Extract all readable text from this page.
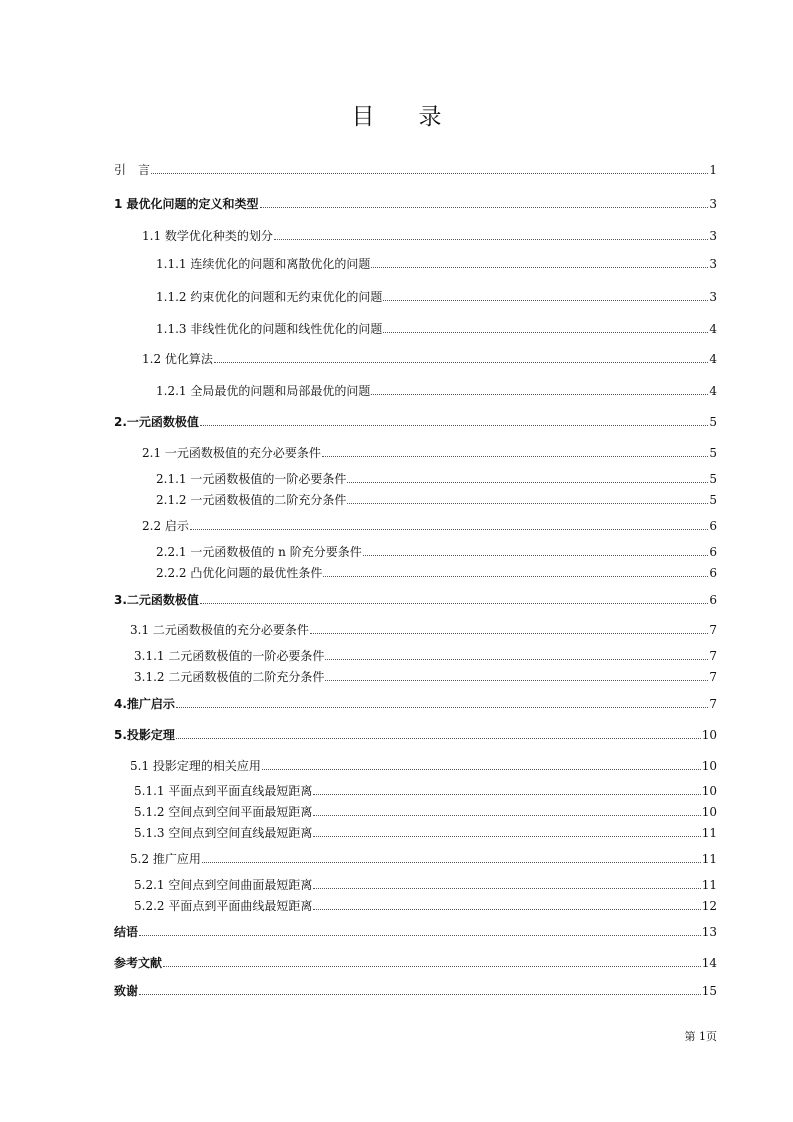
目 录
引　言	1
1 最优化问题的定义和类型	3
1.1 数学优化种类的划分	3
1.1.1 连续优化的问题和离散优化的问题	3
1.1.2 约束优化的问题和无约束优化的问题	3
1.1.3 非线性优化的问题和线性优化的问题	4
1.2 优化算法	4
1.2.1 全局最优的问题和局部最优的问题	4
2.一元函数极值	5
2.1 一元函数极值的充分必要条件	5
2.1.1 一元函数极值的一阶必要条件	5
2.1.2 一元函数极值的二阶充分条件	5
2.2 启示	6
2.2.1 一元函数极值的 n 阶充分要条件	6
2.2.2 凸优化问题的最优性条件	6
3.二元函数极值	6
3.1 二元函数极值的充分必要条件	7
3.1.1 二元函数极值的一阶必要条件	7
3.1.2 二元函数极值的二阶充分条件	7
4.推广启示	7
5.投影定理	10
5.1 投影定理的相关应用	10
5.1.1 平面点到平面直线最短距离	10
5.1.2 空间点到空间平面最短距离	10
5.1.3 空间点到空间直线最短距离	11
5.2 推广应用	11
5.2.1 空间点到空间曲面最短距离	11
5.2.2 平面点到平面曲线最短距离	12
结语	13
参考文献	14
致谢	15
第 1页
